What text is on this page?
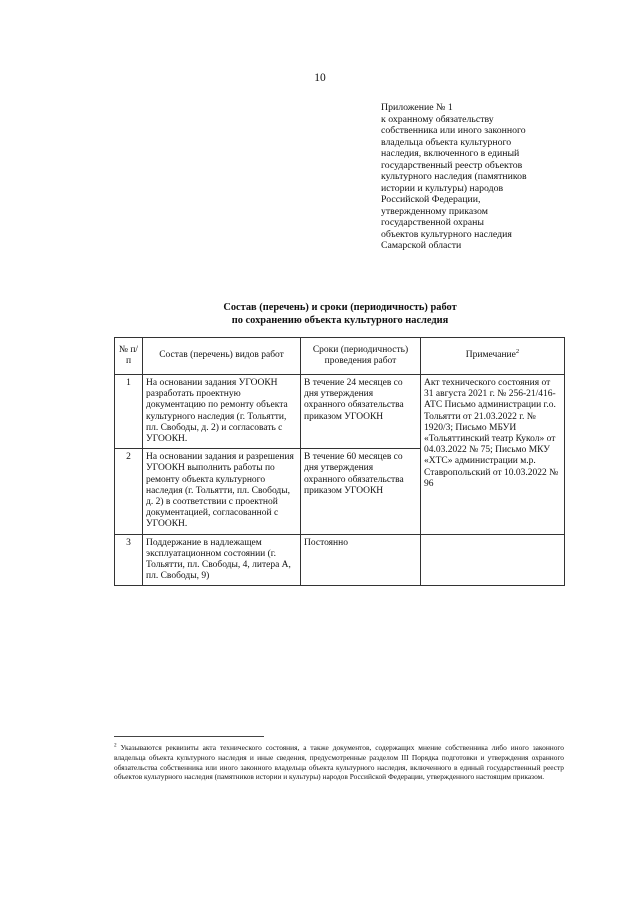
10
Приложение № 1
к охранному обязательству
собственника или иного законного
владельца объекта культурного
наследия, включенного в единый
государственный реестр объектов
культурного наследия (памятников
истории и культуры) народов
Российской Федерации,
утвержденному приказом
государственной охраны
объектов культурного наследия
Самарской области
Состав (перечень) и сроки (периодичность) работ
по сохранению объекта культурного наследия
№ п/п	Состав (перечень) видов работ	Сроки (периодичность) проведения работ	Примечание$^2$
1	На основании задания УГООКН разработать проектную документацию по ремонту объекта культурного наследия (г. Тольятти, пл. Свободы, д. 2) и согласовать с УГООКН.	В течение 24 месяцев со дня утверждения охранного обязательства приказом УГООКН	Акт технического состояния от 31 августа 2021 г. № 256-21/416-АТС Письмо администрации г.о. Тольятти от 21.03.2022 г. № 1920/3; Письмо МБУИ «Тольяттинский театр Кукол» от 04.03.2022 № 75; Письмо МКУ «ХТС» администрации м.р. Ставропольский от 10.03.2022 № 96
2	На основании задания и разрешения УГООКН выполнить работы по ремонту объекта культурного наследия (г. Тольятти, пл. Свободы, д. 2) в соответствии с проектной документацией, согласованной с УГООКН.	В течение 60 месяцев со дня утверждения охранного обязательства приказом УГООКН	
3	Поддержание в надлежащем эксплуатационном состоянии (г. Тольятти, пл. Свободы, 4, литера А, пл. Свободы, 9)	Постоянно	
$^2$ Указываются реквизиты акта технического состояния, а также документов, содержащих мнение собственника либо иного законного владельца объекта культурного наследия и иные сведения, предусмотренные разделом III Порядка подготовки и утверждения охранного обязательства собственника или иного законного владельца объекта культурного наследия, включенного в единый государственный реестр объектов культурного наследия (памятников истории и культуры) народов Российской Федерации, утвержденного настоящим приказом.
